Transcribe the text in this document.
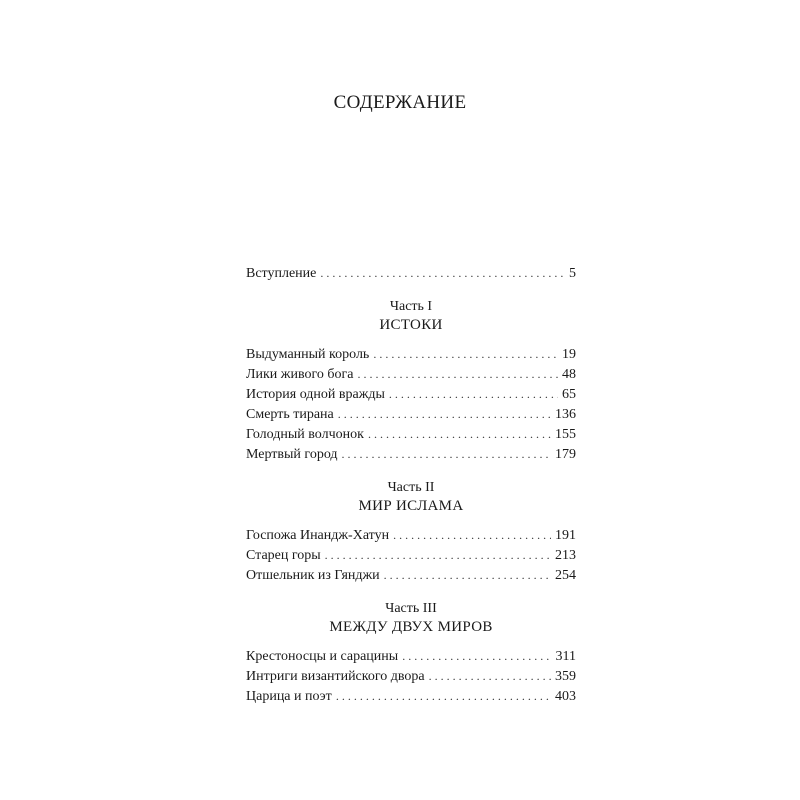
СОДЕРЖАНИЕ
Вступление . . .	5
Часть I
ИСТОКИ
Выдуманный король . . .	19
Лики живого бога . . .	48
История одной вражды . . .	65
Смерть тирана . . .	136
Голодный волчонок . . .	155
Мертвый город . . .	179
Часть II
МИР ИСЛАМА
Госпожа Инандж-Хатун . . .	191
Старец горы . . .	213
Отшельник из Гянджи . . .	254
Часть III
МЕЖДУ ДВУХ МИРОВ
Крестоносцы и сарацины . . .	311
Интриги византийского двора . . .	359
Царица и поэт . . .	403
